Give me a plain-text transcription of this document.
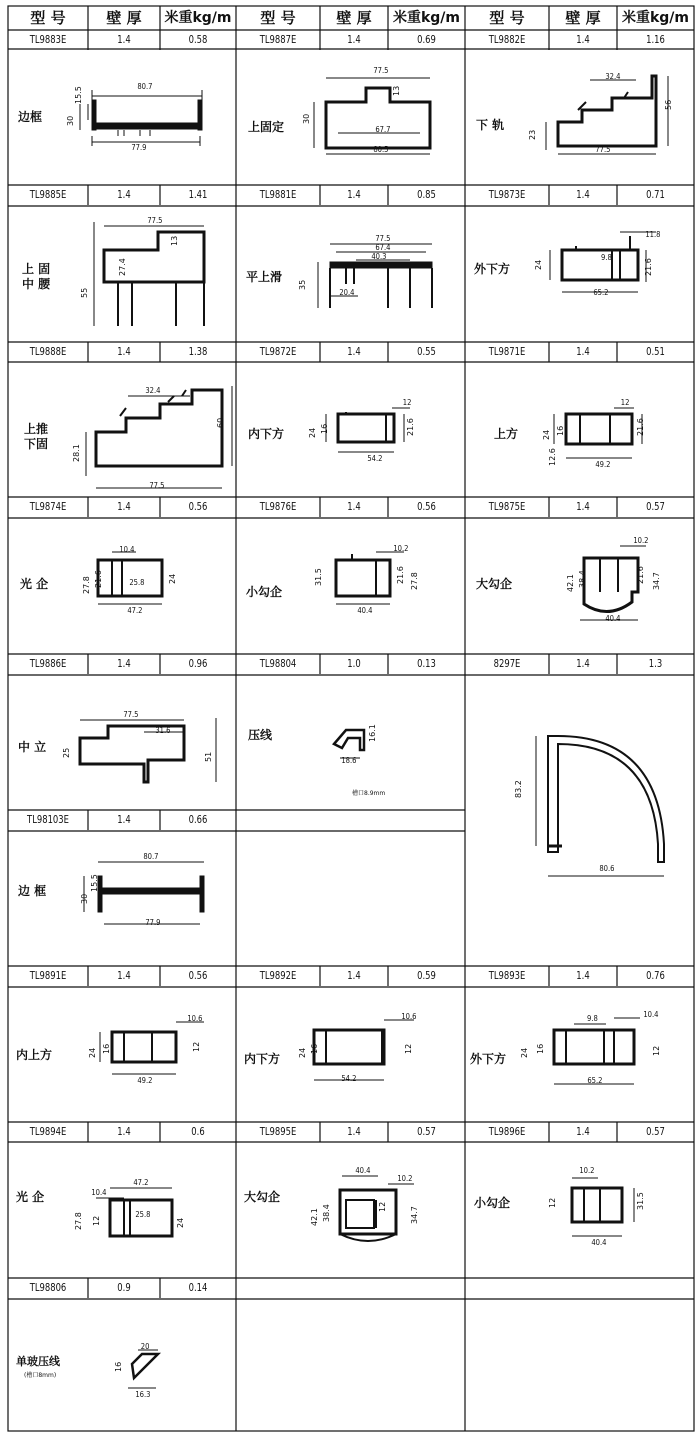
型 号	壁 厚	米重kg/m	型 号	壁 厚	米重kg/m	型 号	壁 厚	米重kg/m
TL9883E	1.4	0.58	TL9887E	1.4	0.69	TL9882E	1.4	1.16
TL9885E	1.4	1.41	TL9881E	1.4	0.85	TL9873E	1.4	0.71
TL9888E	1.4	1.38	TL9872E	1.4	0.55	TL9871E	1.4	0.51
TL9874E	1.4	0.56	TL9876E	1.4	0.56	TL9875E	1.4	0.57
TL9886E	1.4	0.96	TL98804	1.0	0.13	8297E	1.4	1.3
TL98103E	1.4	0.66
TL9891E	1.4	0.56	TL9892E	1.4	0.59	TL9893E	1.4	0.76
TL9894E	1.4	0.6	TL9895E	1.4	0.57	TL9896E	1.4	0.57
TL98806	0.9	0.14
边框
上固定	下 轨
上 固
中 腰	平上滑
外下方
上推
下固
内下方	上方
光 企
小勾企
大勾企
中 立
压线
边 框
内上方	内下方	外下方
光 企	大勾企	小勾企
单玻压线
(槽口8mm)
槽口8.9mm
80.7
15.5
30
77.9
77.5
13
30
67.7
80.5
32.4
56
23
77.5
77.5
13
27.4
55
77.5
67.4
40.3
35
20.4
11.8
9.8
24	21.6
65.2
32.4
60
28.1
77.5
12
24 16	21.6
54.2
12
24 16	21.6
12.6	49.2
10.4
27.8 21.6	25.8	24
47.2
10.2
31.5	21.6 27.8
40.4
10.2
42.1 38.4	21.6 34.7
40.4
77.5
31.6
25	51
16.1
18.6
83.2
80.6
80.7
15.5
30
77.9
10.6
24 16	12
49.2
10.6
24 16	12
54.2
9.8	10.4
24 16	12
65.2
47.2
10.4
27.8 12
25.8
24
40.4
10.2
42.1 38.4	12	34.7
10.2
12	31.5
40.4
20
16
16.3
